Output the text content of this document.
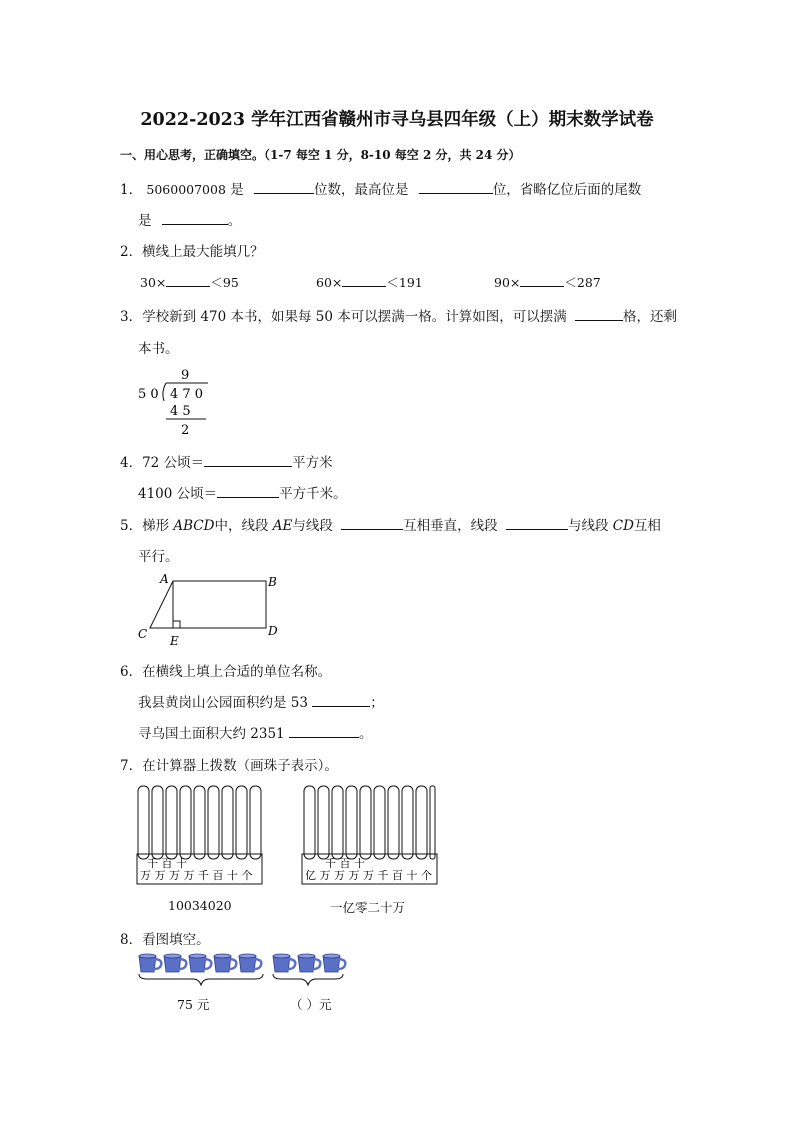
2022-2023 学年江西省赣州市寻乌县四年级（上）期末数学试卷
一、用心思考，正确填空。（1-7 每空 1 分，8-10 每空 2 分，共 24 分）
1． 5060007008 是	位数，最高位是	位，省略亿位后面的尾数
是	。
2．横线上最大能填几？
30×	＜95	60×	＜191	90×	＜287
3．学校新到 470 本书，如果每 50 本可以摆满一格。计算如图，可以摆满	格，还剩
本书。
9
5 0 4 7 0
4 5
2
4．72 公顷＝	平方米
4100 公顷＝	平方千米。
5．梯形 ABCD中，线段 AE与线段	互相垂直，线段	与线段 CD互相
平行。
A	B
C	D
E
6．在横线上填上合适的单位名称。
我县黄岗山公园面积约是 53	；
寻乌国土面积大约 2351	。
7．在计算器上拨数（画珠子表示）。
千 百 十
万 万 万 万 千 百 十 个
10034020
千 百 十
亿 万 万 万 万 千 百 十 个
一亿零二十万
8．看图填空。
75 元	（ ）元
